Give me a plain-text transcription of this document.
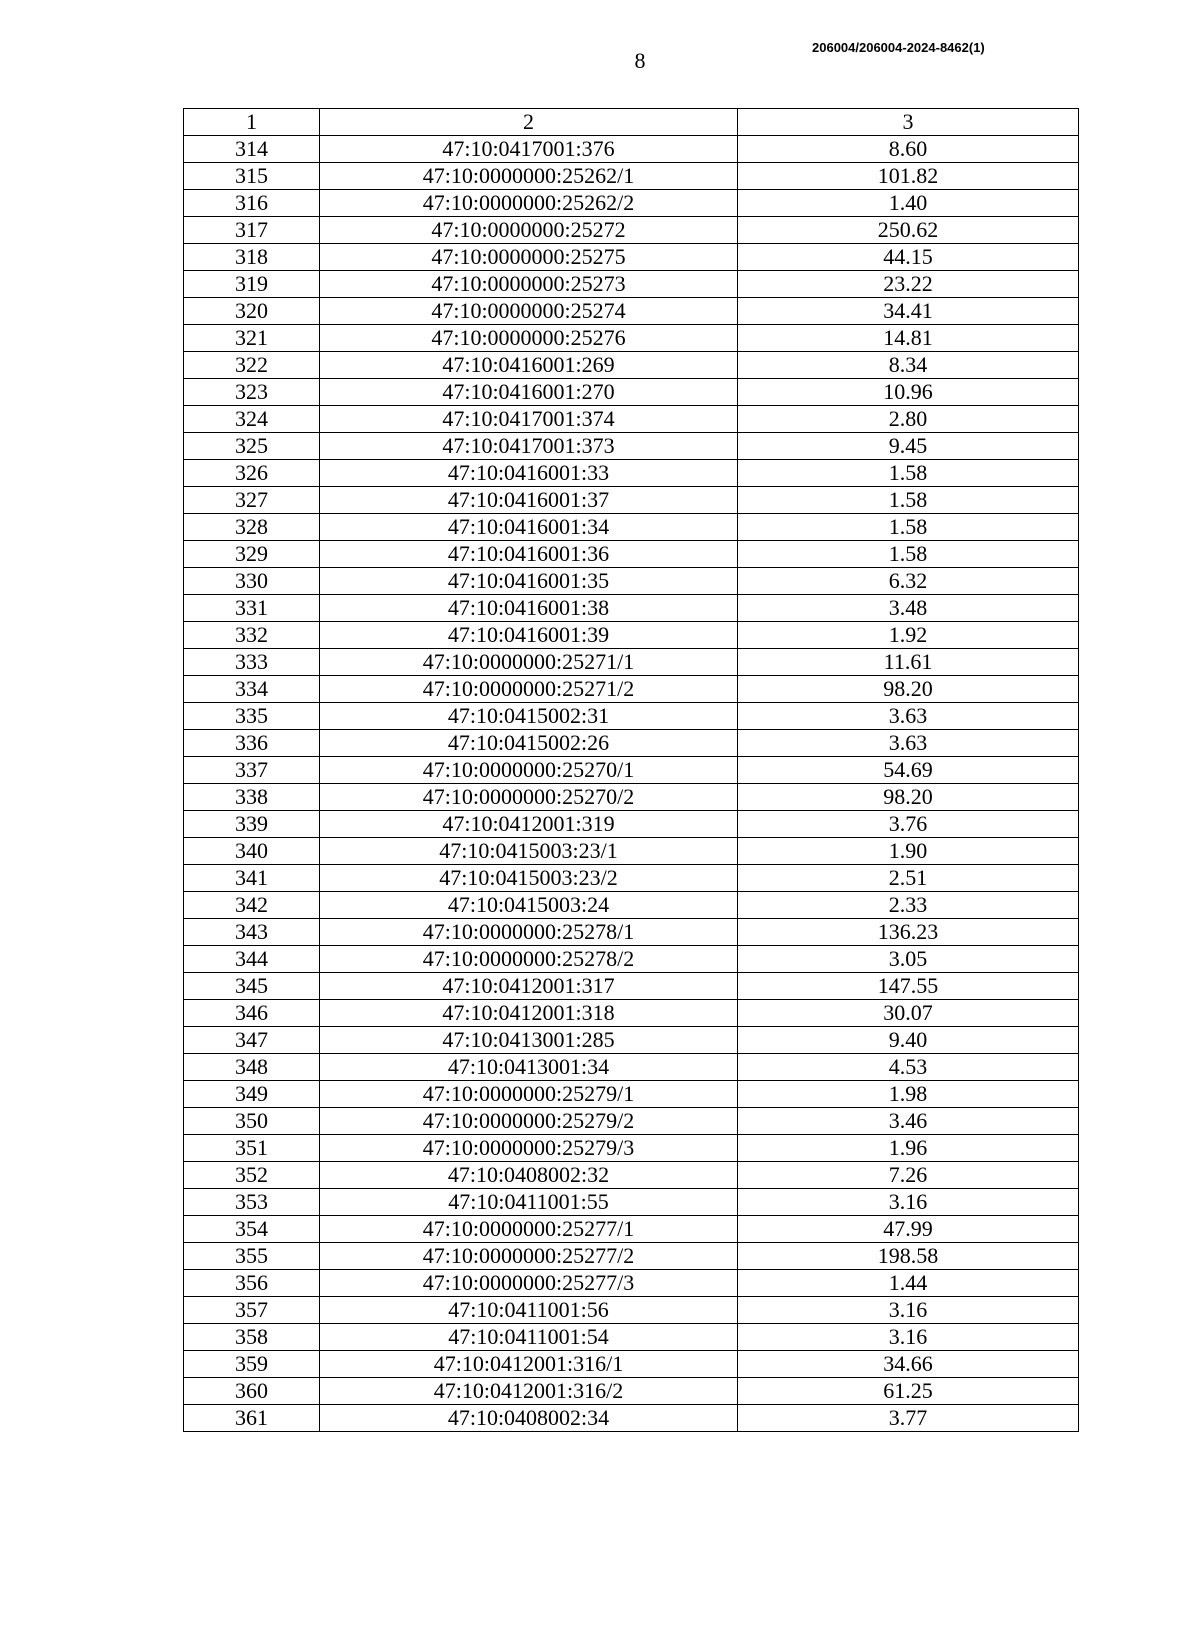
8
206004/206004-2024-8462(1)
1	2	3
314	47:10:0417001:376	8.60
315	47:10:0000000:25262/1	101.82
316	47:10:0000000:25262/2	1.40
317	47:10:0000000:25272	250.62
318	47:10:0000000:25275	44.15
319	47:10:0000000:25273	23.22
320	47:10:0000000:25274	34.41
321	47:10:0000000:25276	14.81
322	47:10:0416001:269	8.34
323	47:10:0416001:270	10.96
324	47:10:0417001:374	2.80
325	47:10:0417001:373	9.45
326	47:10:0416001:33	1.58
327	47:10:0416001:37	1.58
328	47:10:0416001:34	1.58
329	47:10:0416001:36	1.58
330	47:10:0416001:35	6.32
331	47:10:0416001:38	3.48
332	47:10:0416001:39	1.92
333	47:10:0000000:25271/1	11.61
334	47:10:0000000:25271/2	98.20
335	47:10:0415002:31	3.63
336	47:10:0415002:26	3.63
337	47:10:0000000:25270/1	54.69
338	47:10:0000000:25270/2	98.20
339	47:10:0412001:319	3.76
340	47:10:0415003:23/1	1.90
341	47:10:0415003:23/2	2.51
342	47:10:0415003:24	2.33
343	47:10:0000000:25278/1	136.23
344	47:10:0000000:25278/2	3.05
345	47:10:0412001:317	147.55
346	47:10:0412001:318	30.07
347	47:10:0413001:285	9.40
348	47:10:0413001:34	4.53
349	47:10:0000000:25279/1	1.98
350	47:10:0000000:25279/2	3.46
351	47:10:0000000:25279/3	1.96
352	47:10:0408002:32	7.26
353	47:10:0411001:55	3.16
354	47:10:0000000:25277/1	47.99
355	47:10:0000000:25277/2	198.58
356	47:10:0000000:25277/3	1.44
357	47:10:0411001:56	3.16
358	47:10:0411001:54	3.16
359	47:10:0412001:316/1	34.66
360	47:10:0412001:316/2	61.25
361	47:10:0408002:34	3.77
